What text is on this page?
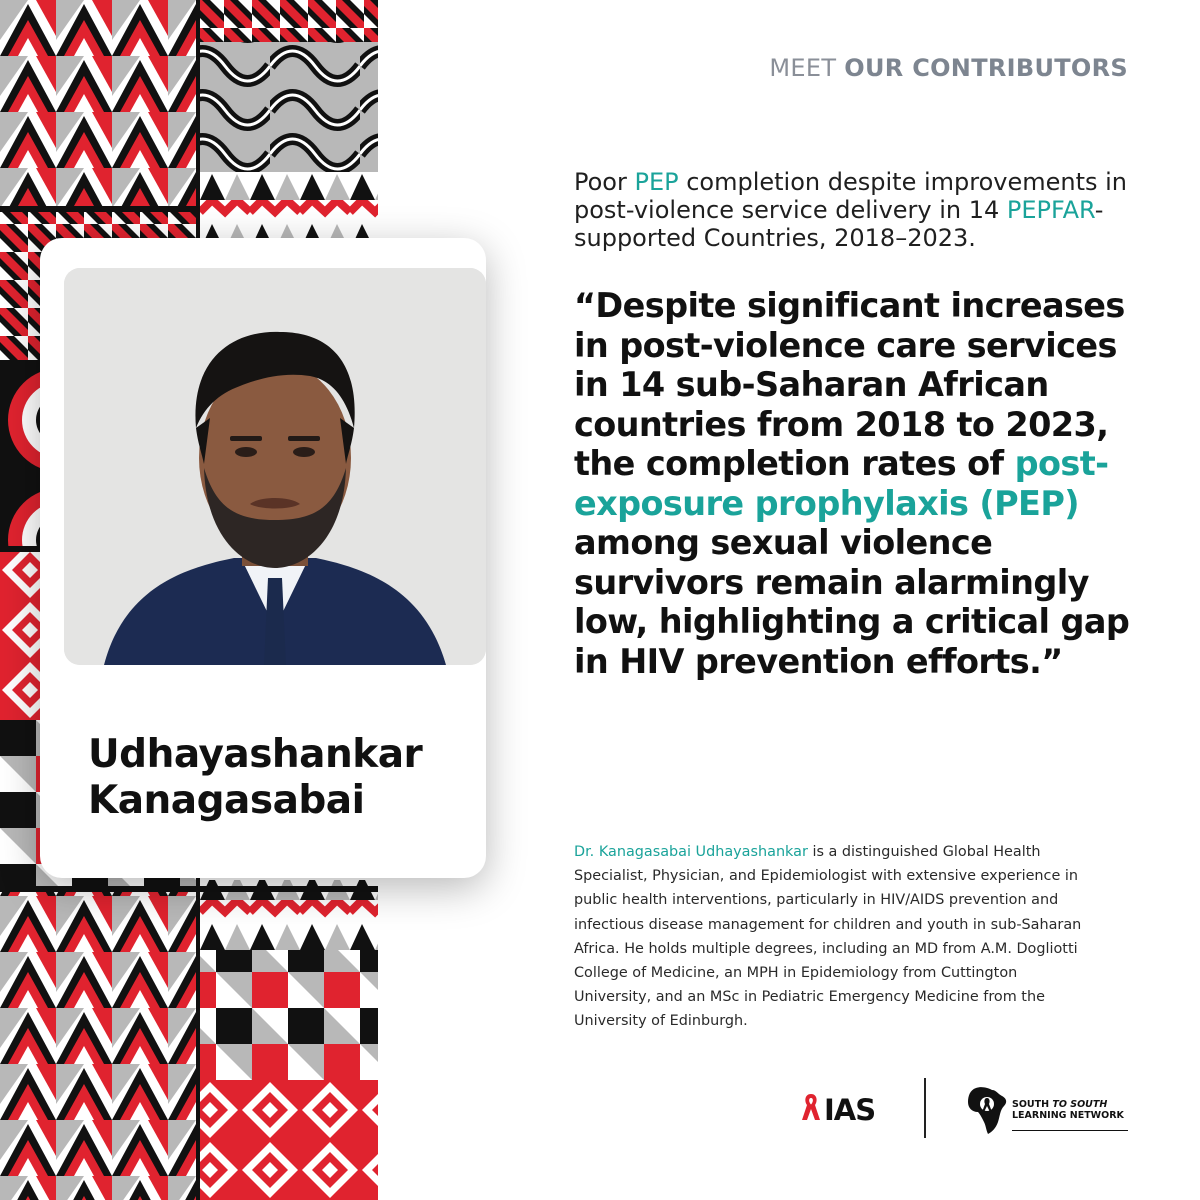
MEET OUR CONTRIBUTORS
Udhayashankar
Kanagasabai
Poor PEP completion despite improvements in post-violence service delivery in 14 PEPFAR-supported Countries, 2018–2023.
“Despite significant increases in post-violence care services in 14 sub-Saharan African countries from 2018 to 2023, the completion rates of post-exposure prophylaxis (PEP) among sexual violence survivors remain alarmingly low, highlighting a critical gap in HIV prevention efforts.”
Dr. Kanagasabai Udhayashankar is a distinguished Global Health Specialist, Physician, and Epidemiologist with extensive experience in public health interventions, particularly in HIV/AIDS prevention and infectious disease management for children and youth in sub-Saharan Africa. He holds multiple degrees, including an MD from A.M. Dogliotti College of Medicine, an MPH in Epidemiology from Cuttington University, and an MSc in Pediatric Emergency Medicine from the University of Edinburgh.
IAS	SOUTH TO SOUTH
LEARNING NETWORK
